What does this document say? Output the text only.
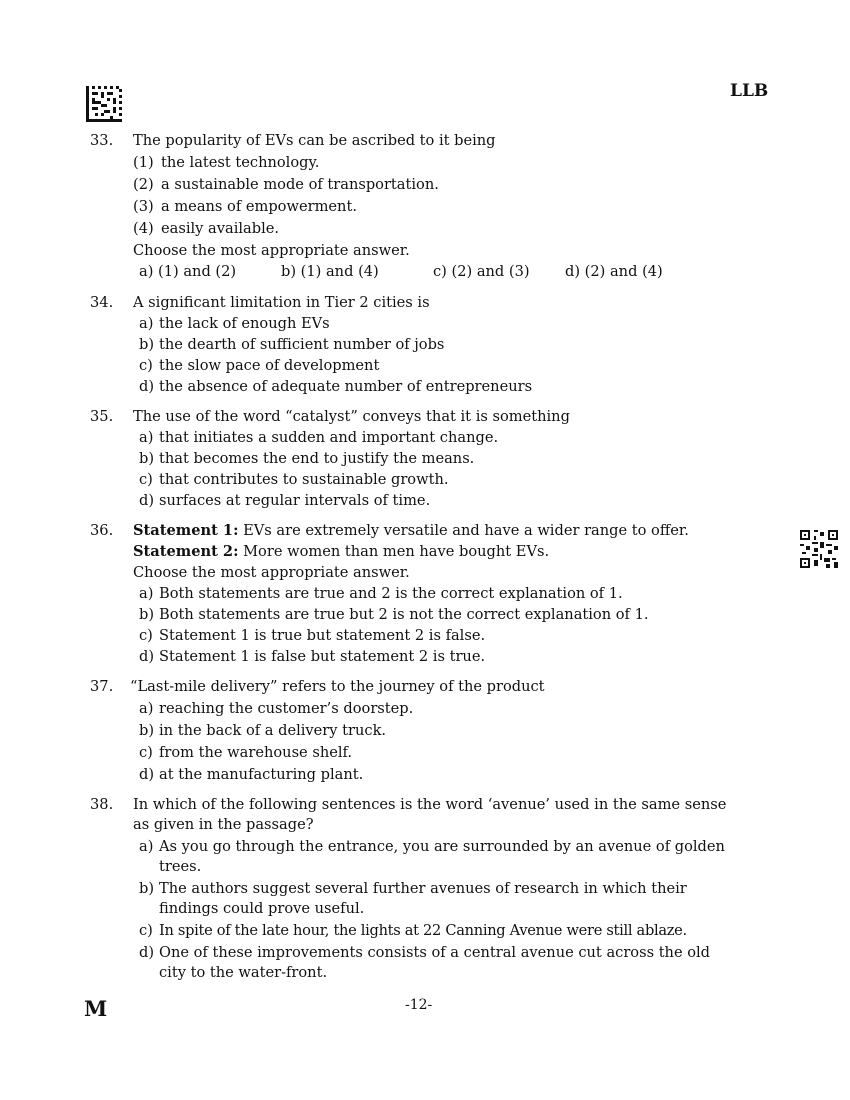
LLB
33.	The popularity of EVs can be ascribed to it being
(1) the latest technology.
(2) a sustainable mode of transportation.
(3) a means of empowerment.
(4) easily available.
Choose the most appropriate answer.
a) (1) and (2)	b) (1) and (4)	c) (2) and (3)	d) (2) and (4)
34.	A significant limitation in Tier 2 cities is
a) the lack of enough EVs
b) the dearth of sufficient number of jobs
c) the slow pace of development
d) the absence of adequate number of entrepreneurs
35.	The use of the word “catalyst” conveys that it is something
a) that initiates a sudden and important change.
b) that becomes the end to justify the means.
c) that contributes to sustainable growth.
d) surfaces at regular intervals of time.
36.	Statement 1: EVs are extremely versatile and have a wider range to offer.
Statement 2: More women than men have bought EVs.
Choose the most appropriate answer.
a) Both statements are true and 2 is the correct explanation of 1.
b) Both statements are true but 2 is not the correct explanation of 1.
c) Statement 1 is true but statement 2 is false.
d) Statement 1 is false but statement 2 is true.
37.	“Last-mile delivery” refers to the journey of the product
a) reaching the customer’s doorstep.
b) in the back of a delivery truck.
c) from the warehouse shelf.
d) at the manufacturing plant.
38.	In which of the following sentences is the word ‘avenue’ used in the same sense as given in the passage?
a) As you go through the entrance, you are surrounded by an avenue of golden trees.
b) The authors suggest several further avenues of research in which their findings could prove useful.
c) In spite of the late hour, the lights at 22 Canning Avenue were still ablaze.
d) One of these improvements consists of a central avenue cut across the old city to the water-front.
M	-12-
